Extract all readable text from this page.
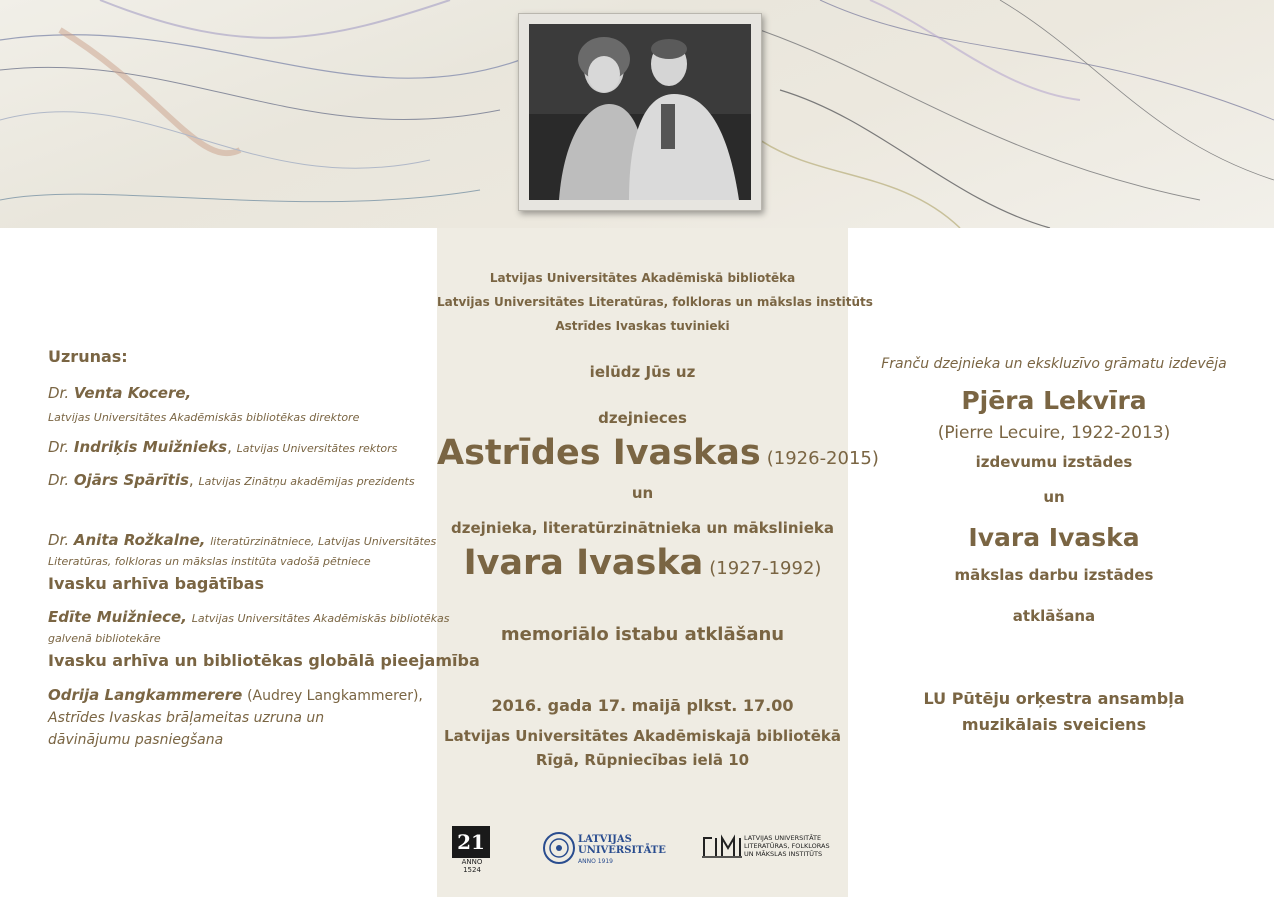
Latvijas Universitātes Akadēmiskā bibliotēka
Latvijas Universitātes Literatūras, folkloras un mākslas institūts
Astrīdes Ivaskas tuvinieki
ielūdz Jūs uz
dzejnieces
Astrīdes Ivaskas (1926-2015)
un
dzejnieka, literatūrzinātnieka un mākslinieka
Ivara Ivaska (1927-1992)
memoriālo istabu atklāšanu
2016. gada 17. maijā plkst. 17.00
Latvijas Universitātes Akadēmiskajā bibliotēkā
Rīgā, Rūpniecības ielā 10
21
ANNO 1524
LATVIJAS UNIVERSITĀTE
ANNO 1919
LATVIJAS UNIVERSITĀTE LITERATŪRAS, FOLKLORAS UN MĀKSLAS INSTITŪTS
Uzrunas:
Dr. Venta Kocere,
Latvijas Universitātes Akadēmiskās bibliotēkas direktore
Dr. Indriķis Muižnieks, Latvijas Universitātes rektors
Dr. Ojārs Spārītis, Latvijas Zinātņu akadēmijas prezidents
Dr. Anita Rožkalne, literatūrzinātniece, Latvijas Universitātes
Literatūras, folkloras un mākslas institūta vadošā pētniece
Ivasku arhīva bagātības
Edīte Muižniece, Latvijas Universitātes Akadēmiskās bibliotēkas
galvenā bibliotekāre
Ivasku arhīva un bibliotēkas globālā pieejamība
Odrija Langkammerere (Audrey Langkammerer),
Astrīdes Ivaskas brāļameitas uzruna un
dāvinājumu pasniegšana
Franču dzejnieka un ekskluzīvo grāmatu izdevēja
Pjēra Lekvīra
(Pierre Lecuire, 1922-2013)
izdevumu izstādes
un
Ivara Ivaska
mākslas darbu izstādes
atklāšana
LU Pūtēju orķestra ansambļa
muzikālais sveiciens
